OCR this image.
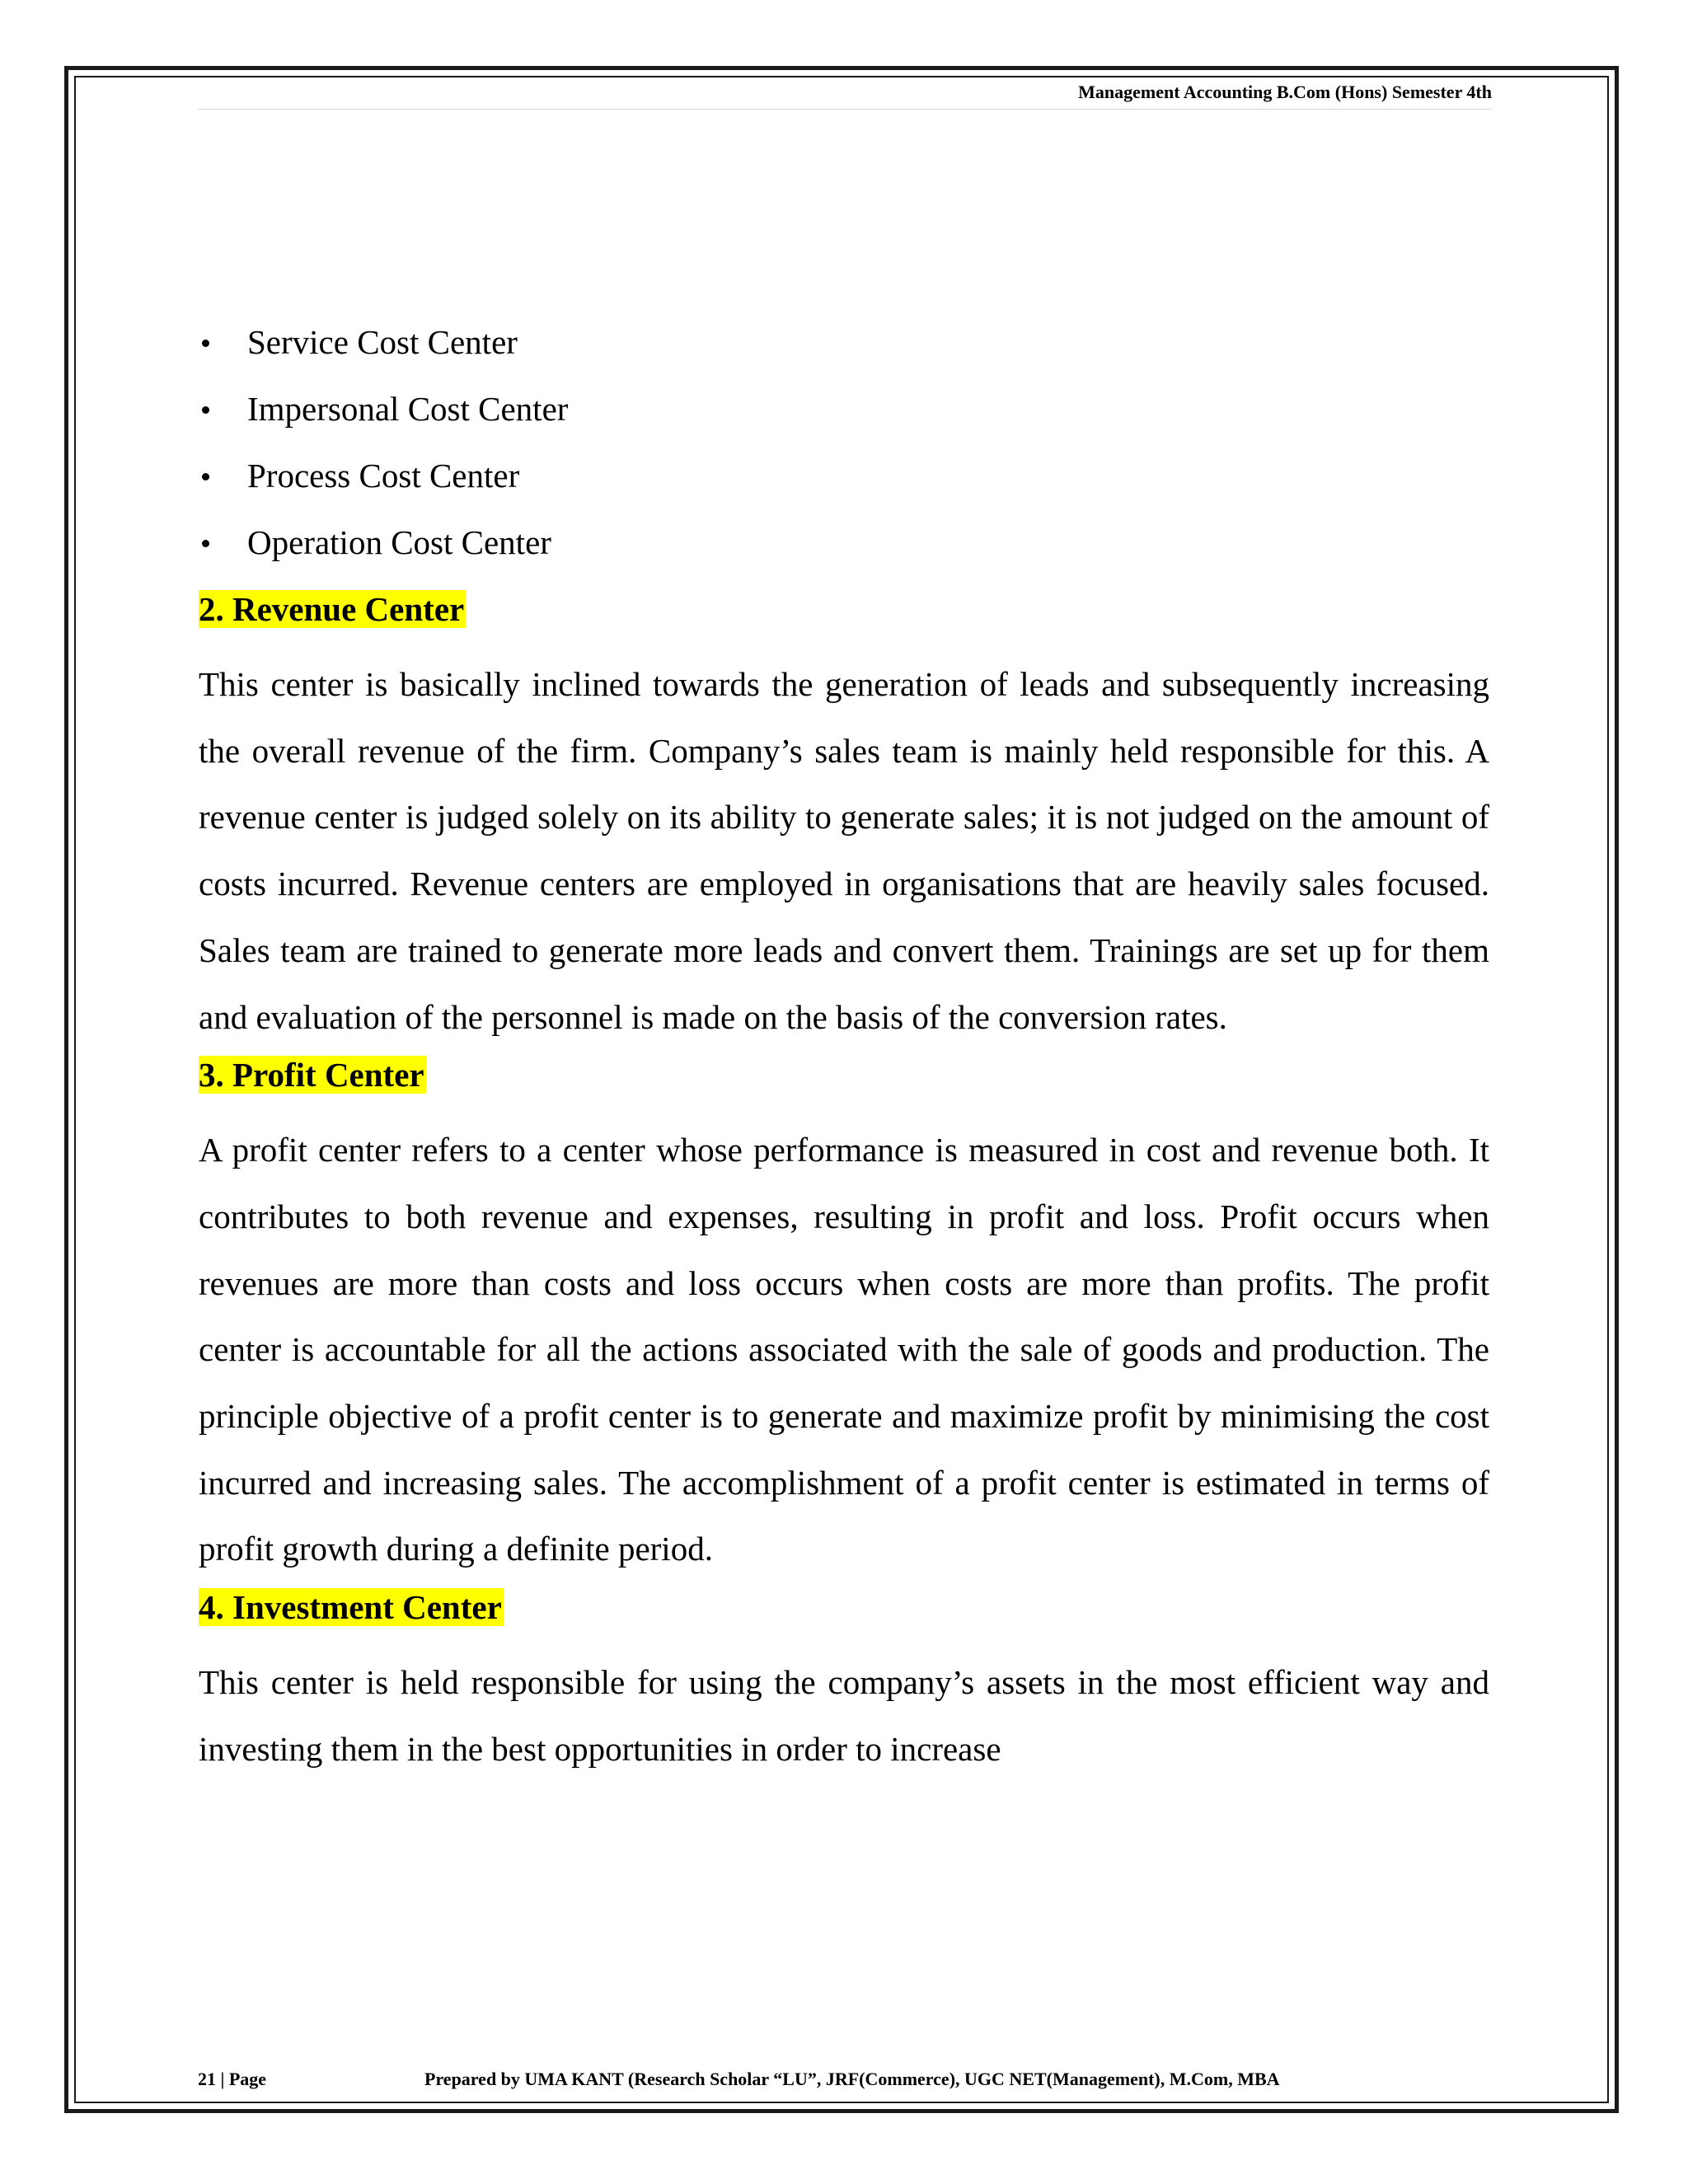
Management Accounting B.Com (Hons) Semester 4th
Service Cost Center
Impersonal Cost Center
Process Cost Center
Operation Cost Center
2. Revenue Center

This center is basically inclined towards the generation of leads and subsequently increasing the overall revenue of the firm. Company’s sales team is mainly held responsible for this. A revenue center is judged solely on its ability to generate sales; it is not judged on the amount of costs incurred. Revenue centers are employed in organisations that are heavily sales focused. Sales team are trained to generate more leads and convert them. Trainings are set up for them and evaluation of the personnel is made on the basis of the conversion rates.

3. Profit Center

A profit center refers to a center whose performance is measured in cost and revenue both. It contributes to both revenue and expenses, resulting in profit and loss. Profit occurs when revenues are more than costs and loss occurs when costs are more than profits. The profit center is accountable for all the actions associated with the sale of goods and production. The principle objective of a profit center is to generate and maximize profit by minimising the cost incurred and increasing sales. The accomplishment of a profit center is estimated in terms of profit growth during a definite period.

4. Investment Center

This center is held responsible for using the company’s assets in the most efficient way and investing them in the best opportunities in order to increase

21 | Page	Prepared by UMA KANT (Research Scholar “LU”, JRF(Commerce), UGC NET(Management), M.Com, MBA
